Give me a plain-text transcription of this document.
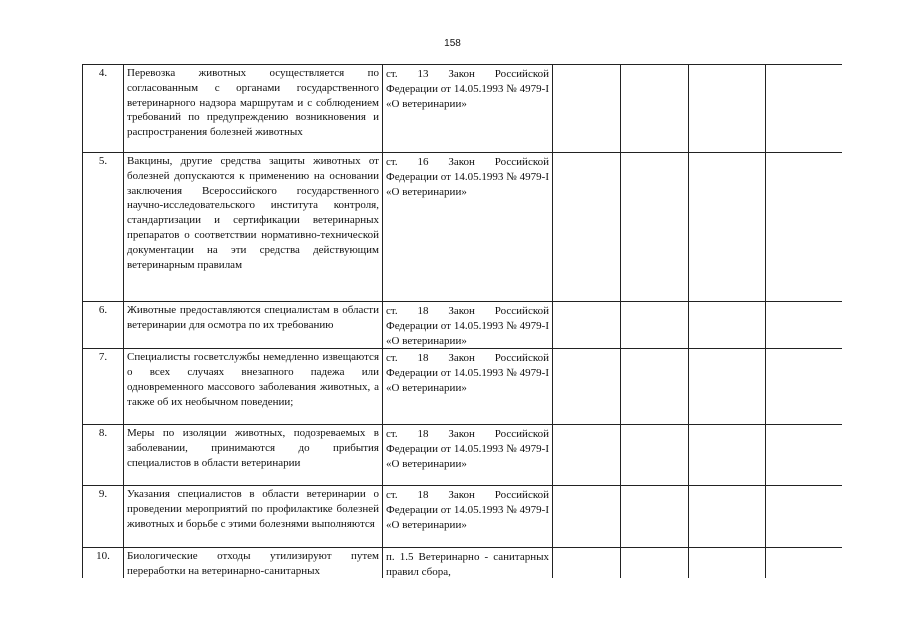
158
4.	Перевозка животных осуществляется по согласованным с органами государственного ветеринарного надзора маршрутам и с соблюдением требований по предупреждению возникновения и распространения болезней животных	ст. 13 Закон Российской Федерации от 14.05.1993 № 4979-I «О ветеринарии»				
5.	Вакцины, другие средства защиты животных от болезней допускаются к применению на основании заключения Всероссийского государственного научно-исследовательского института контроля, стандартизации и сертификации ветеринарных препаратов о соответствии нормативно-технической документации на эти средства действующим ветеринарным правилам	ст. 16 Закон Российской Федерации от 14.05.1993 № 4979-I «О ветеринарии»				
6.	Животные предоставляются специалистам в области ветеринарии для осмотра по их требованию	ст. 18 Закон Российской Федерации от 14.05.1993 № 4979-I «О ветеринарии»				
7.	Специалисты госветслужбы немедленно извещаются о всех случаях внезапного падежа или одновременного массового заболевания животных, а также об их необычном поведении;	ст. 18 Закон Российской Федерации от 14.05.1993 № 4979-I «О ветеринарии»				
8.	Меры по изоляции животных, подозреваемых в заболевании, принимаются до прибытия специалистов в области ветеринарии	ст. 18 Закон Российской Федерации от 14.05.1993 № 4979-I «О ветеринарии»				
9.	Указания специалистов в области ветеринарии о проведении мероприятий по профилактике болезней животных и борьбе с этими болезнями выполняются	ст. 18 Закон Российской Федерации от 14.05.1993 № 4979-I «О ветеринарии»				
10.	Биологические отходы утилизируют путем переработки на ветеринарно-санитарных	п. 1.5 Ветеринарно - санитарных правил сбора,				
